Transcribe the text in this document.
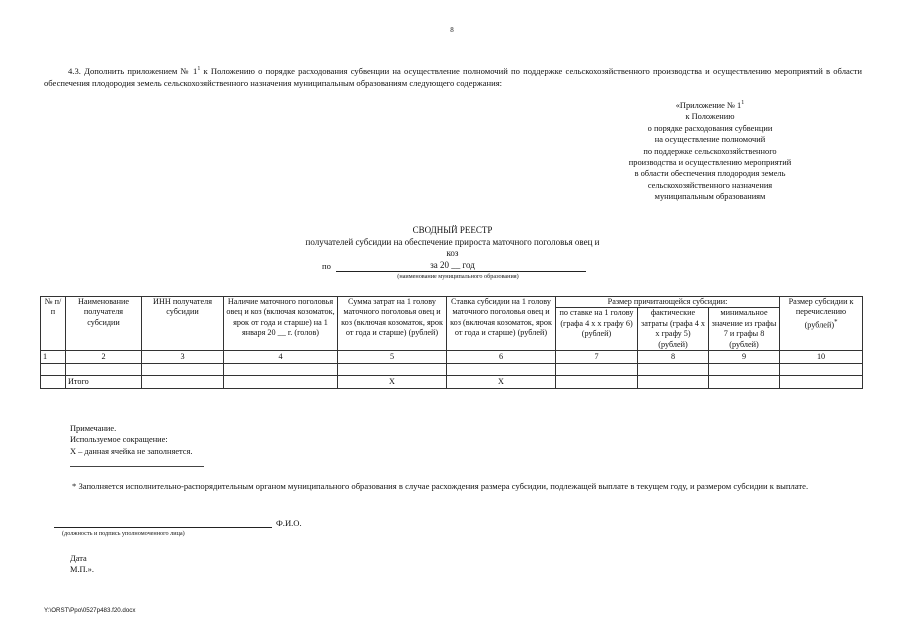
8
4.3. Дополнить приложением № $1^1$ к Положению о порядке расходования субвенции на осуществление полномочий по поддержке сельскохозяйственного производства и осуществлению мероприятий в области обеспечения плодородия земель сельскохозяйственного назначения муниципальным образованиям следующего содержания:
«Приложение № $1^1$
к Положению
о порядке расходования субвенции
на осуществление полномочий
по поддержке сельскохозяйственного
производства и осуществлению мероприятий
в области обеспечения плодородия земель
сельскохозяйственного назначения
муниципальным образованиям
СВОДНЫЙ РЕЕСТР
получателей субсидии на обеспечение прироста маточного поголовья овец и коз
за 20 __ год
по
(наименование муниципального образования)
№ п/п	Наименование получателя субсидии	ИНН получателя субсидии	Наличие маточного поголовья овец и коз (включая козоматок, ярок от года и старше) на 1 января 20 __ г. (голов)	Сумма затрат на 1 голову маточного поголовья овец и коз (включая козоматок, ярок от года и старше) (рублей)	Ставка субсидии на 1 голову маточного поголовья овец и коз (включая козоматок, ярок от года и старше) (рублей)	Размер причитающейся субсидии:			Размер субсидии к перечислению (рублей)*
						по ставке на 1 голову (графа 4 х х графу 6) (рублей)	фактические затраты (графа 4 х х графу 5) (рублей)	минимальное значение из графы 7 и графы 8 (рублей)	
1	2	3	4	5	6	7	8	9	10

	Итого			Х	Х				
Примечание.
Используемое сокращение:
Х – данная ячейка не заполняется.
* Заполняется исполнительно-распорядительным органом муниципального образования в случае расхождения размера субсидии, подлежащей выплате в текущем году, и размером субсидии к выплате.
Ф.И.О.
(должность и подпись уполномоченного лица)
Дата
М.П.».
Y:\ORST\Ppo\0527p483.f20.docx
